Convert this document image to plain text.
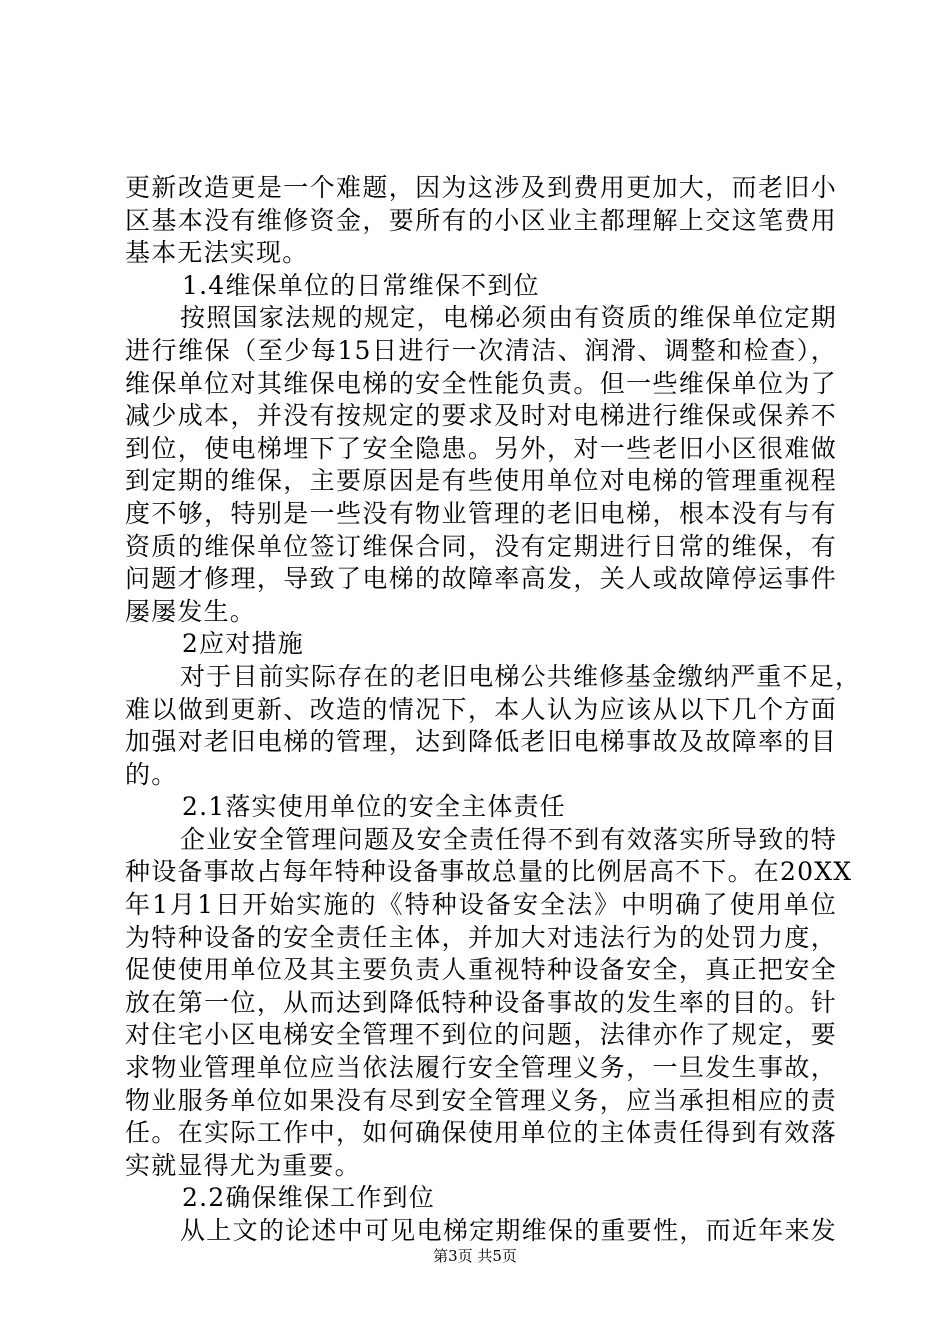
更新改造更是一个难题，因为这涉及到费用更加大，而老旧小
区基本没有维修资金，要所有的小区业主都理解上交这笔费用
基本无法实现。
1.4维保单位的日常维保不到位
按照国家法规的规定，电梯必须由有资质的维保单位定期
进行维保（至少每15日进行一次清洁、润滑、调整和检查），
维保单位对其维保电梯的安全性能负责。但一些维保单位为了
减少成本，并没有按规定的要求及时对电梯进行维保或保养不
到位，使电梯埋下了安全隐患。另外，对一些老旧小区很难做
到定期的维保，主要原因是有些使用单位对电梯的管理重视程
度不够，特别是一些没有物业管理的老旧电梯，根本没有与有
资质的维保单位签订维保合同，没有定期进行日常的维保，有
问题才修理，导致了电梯的故障率高发，关人或故障停运事件
屡屡发生。
2应对措施
对于目前实际存在的老旧电梯公共维修基金缴纳严重不足，
难以做到更新、改造的情况下，本人认为应该从以下几个方面
加强对老旧电梯的管理，达到降低老旧电梯事故及故障率的目
的。
2.1落实使用单位的安全主体责任
企业安全管理问题及安全责任得不到有效落实所导致的特
种设备事故占每年特种设备事故总量的比例居高不下。在20XX
年1月1日开始实施的《特种设备安全法》中明确了使用单位
为特种设备的安全责任主体，并加大对违法行为的处罚力度，
促使使用单位及其主要负责人重视特种设备安全，真正把安全
放在第一位，从而达到降低特种设备事故的发生率的目的。针
对住宅小区电梯安全管理不到位的问题，法律亦作了规定，要
求物业管理单位应当依法履行安全管理义务，一旦发生事故，
物业服务单位如果没有尽到安全管理义务，应当承担相应的责
任。在实际工作中，如何确保使用单位的主体责任得到有效落
实就显得尤为重要。
2.2确保维保工作到位
从上文的论述中可见电梯定期维保的重要性，而近年来发
第3页 共5页
